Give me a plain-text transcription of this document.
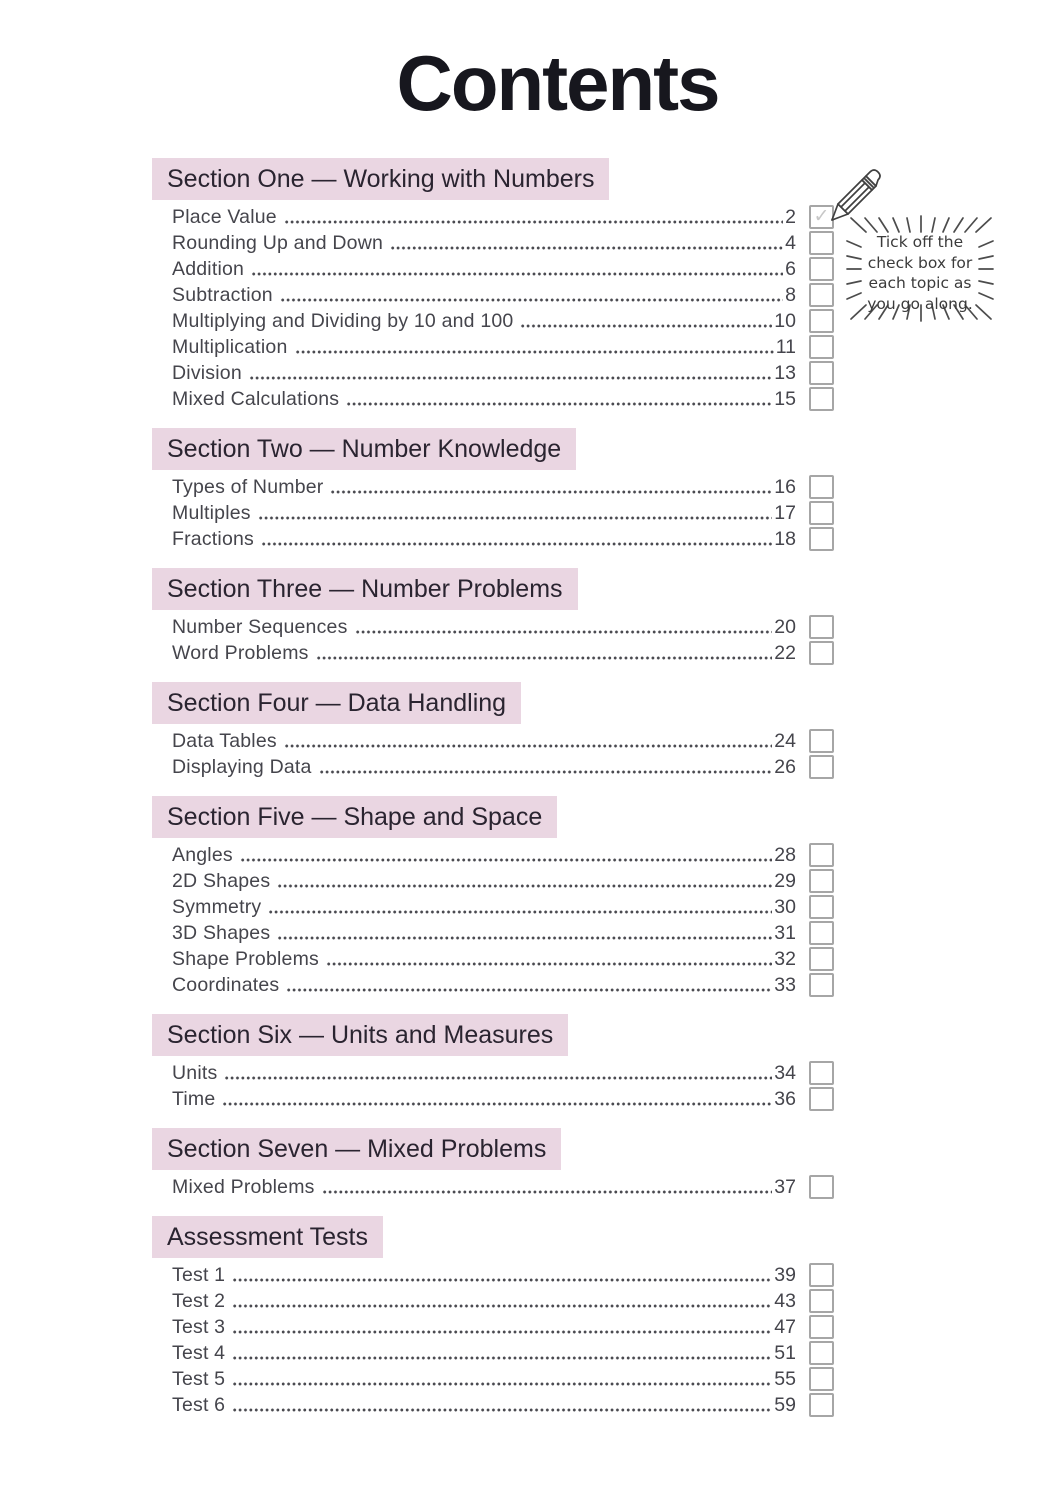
Contents
Section One — Working with Numbers
Place Value	2 ✓
Rounding Up and Down	4
Addition	6
Subtraction	8
Multiplying and Dividing by 10 and 100	10
Multiplication	11
Division	13
Mixed Calculations	15
Section Two — Number Knowledge
Types of Number	16
Multiples	17
Fractions	18
Section Three — Number Problems
Number Sequences	20
Word Problems	22
Section Four — Data Handling
Data Tables	24
Displaying Data	26
Section Five — Shape and Space
Angles	28
2D Shapes	29
Symmetry	30
3D Shapes	31
Shape Problems	32
Coordinates	33
Section Six — Units and Measures
Units	34
Time	36
Section Seven — Mixed Problems
Mixed Problems	37
Assessment Tests
Test 1	39
Test 2	43
Test 3	47
Test 4	51
Test 5	55
Test 6	59
Tick off the
check box for
each topic as
you go along.
